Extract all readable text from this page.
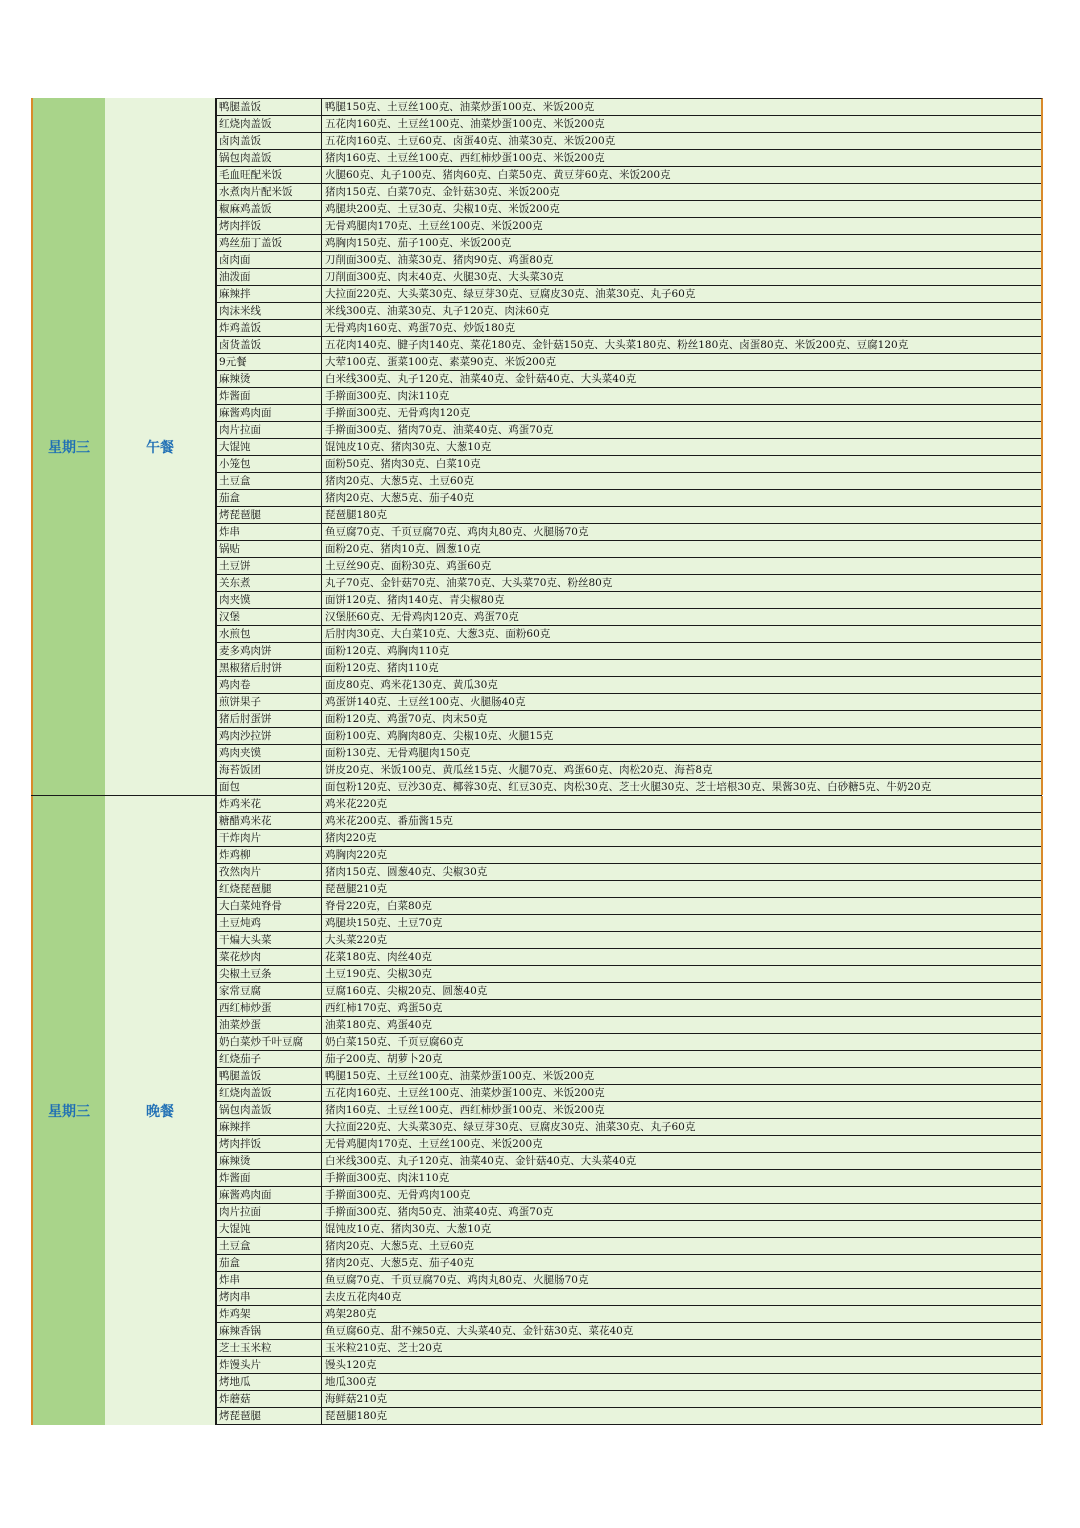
星期三	午餐
鸭腿盖饭	鸭腿150克、土豆丝100克、油菜炒蛋100克、米饭200克
红烧肉盖饭	五花肉160克、土豆丝100克、油菜炒蛋100克、米饭200克
卤肉盖饭	五花肉160克、土豆60克、卤蛋40克、油菜30克、米饭200克
锅包肉盖饭	猪肉160克、土豆丝100克、西红柿炒蛋100克、米饭200克
毛血旺配米饭	火腿60克、丸子100克、猪肉60克、白菜50克、黄豆芽60克、米饭200克
水煮肉片配米饭	猪肉150克、白菜70克、金针菇30克、米饭200克
椒麻鸡盖饭	鸡腿块200克、土豆30克、尖椒10克、米饭200克
烤肉拌饭	无骨鸡腿肉170克、土豆丝100克、米饭200克
鸡丝茄丁盖饭	鸡胸肉150克、茄子100克、米饭200克
卤肉面	刀削面300克、油菜30克、猪肉90克、鸡蛋80克
油泼面	刀削面300克、肉末40克、火腿30克、大头菜30克
麻辣拌	大拉面220克、大头菜30克、绿豆芽30克、豆腐皮30克、油菜30克、丸子60克
肉沫米线	米线300克、油菜30克、丸子120克、肉沫60克
炸鸡盖饭	无骨鸡肉160克、鸡蛋70克、炒饭180克
卤货盖饭	五花肉140克、腱子肉140克、菜花180克、金针菇150克、大头菜180克、粉丝180克、卤蛋80克、米饭200克、豆腐120克
9元餐	大荤100克、蛋菜100克、素菜90克、米饭200克
麻辣烫	白米线300克、丸子120克、油菜40克、金针菇40克、大头菜40克
炸酱面	手擀面300克、肉沫110克
麻酱鸡肉面	手擀面300克、无骨鸡肉120克
肉片拉面	手擀面300克、猪肉70克、油菜40克、鸡蛋70克
大馄饨	馄饨皮10克、猪肉30克、大葱10克
小笼包	面粉50克、猪肉30克、白菜10克
土豆盒	猪肉20克、大葱5克、土豆60克
茄盒	猪肉20克、大葱5克、茄子40克
烤琵琶腿	琵琶腿180克
炸串	鱼豆腐70克、千页豆腐70克、鸡肉丸80克、火腿肠70克
锅贴	面粉20克、猪肉10克、圆葱10克
土豆饼	土豆丝90克、面粉30克、鸡蛋60克
关东煮	丸子70克、金针菇70克、油菜70克、大头菜70克、粉丝80克
肉夹馍	面饼120克、猪肉140克、青尖椒80克
汉堡	汉堡胚60克、无骨鸡肉120克、鸡蛋70克
水煎包	后肘肉30克、大白菜10克、大葱3克、面粉60克
麦多鸡肉饼	面粉120克、鸡胸肉110克
黑椒猪后肘饼	面粉120克、猪肉110克
鸡肉卷	面皮80克、鸡米花130克、黄瓜30克
煎饼果子	鸡蛋饼140克、土豆丝100克、火腿肠40克
猪后肘蛋饼	面粉120克、鸡蛋70克、肉末50克
鸡肉沙拉饼	面粉100克、鸡胸肉80克、尖椒10克、火腿15克
鸡肉夹馍	面粉130克、无骨鸡腿肉150克
海苔饭团	饼皮20克、米饭100克、黄瓜丝15克、火腿70克、鸡蛋60克、肉松20克、海苔8克
面包	面包粉120克、豆沙30克、椰蓉30克、红豆30克、肉松30克、芝士火腿30克、芝士培根30克、果酱30克、白砂糖5克、牛奶20克
星期三	晚餐
炸鸡米花	鸡米花220克
糖醋鸡米花	鸡米花200克、番茄酱15克
干炸肉片	猪肉220克
炸鸡柳	鸡胸肉220克
孜然肉片	猪肉150克、圆葱40克、尖椒30克
红烧琵琶腿	琵琶腿210克
大白菜炖脊骨	脊骨220克，白菜80克
土豆炖鸡	鸡腿块150克、土豆70克
干煸大头菜	大头菜220克
菜花炒肉	花菜180克、肉丝40克
尖椒土豆条	土豆190克、尖椒30克
家常豆腐	豆腐160克、尖椒20克、圆葱40克
西红柿炒蛋	西红柿170克、鸡蛋50克
油菜炒蛋	油菜180克、鸡蛋40克
奶白菜炒千叶豆腐	奶白菜150克、千页豆腐60克
红烧茄子	茄子200克、胡萝卜20克
鸭腿盖饭	鸭腿150克、土豆丝100克、油菜炒蛋100克、米饭200克
红烧肉盖饭	五花肉160克、土豆丝100克、油菜炒蛋100克、米饭200克
锅包肉盖饭	猪肉160克、土豆丝100克、西红柿炒蛋100克、米饭200克
麻辣拌	大拉面220克、大头菜30克、绿豆芽30克、豆腐皮30克、油菜30克、丸子60克
烤肉拌饭	无骨鸡腿肉170克、土豆丝100克、米饭200克
麻辣烫	白米线300克、丸子120克、油菜40克、金针菇40克、大头菜40克
炸酱面	手擀面300克、肉沫110克
麻酱鸡肉面	手擀面300克、无骨鸡肉100克
肉片拉面	手擀面300克、猪肉50克、油菜40克、鸡蛋70克
大馄饨	馄饨皮10克、猪肉30克、大葱10克
土豆盒	猪肉20克、大葱5克、土豆60克
茄盒	猪肉20克、大葱5克、茄子40克
炸串	鱼豆腐70克、千页豆腐70克、鸡肉丸80克、火腿肠70克
烤肉串	去皮五花肉40克
炸鸡架	鸡架280克
麻辣香锅	鱼豆腐60克、甜不辣50克、大头菜40克、金针菇30克、菜花40克
芝士玉米粒	玉米粒210克、芝士20克
炸馒头片	馒头120克
烤地瓜	地瓜300克
炸蘑菇	海鲜菇210克
烤琵琶腿	琵琶腿180克
